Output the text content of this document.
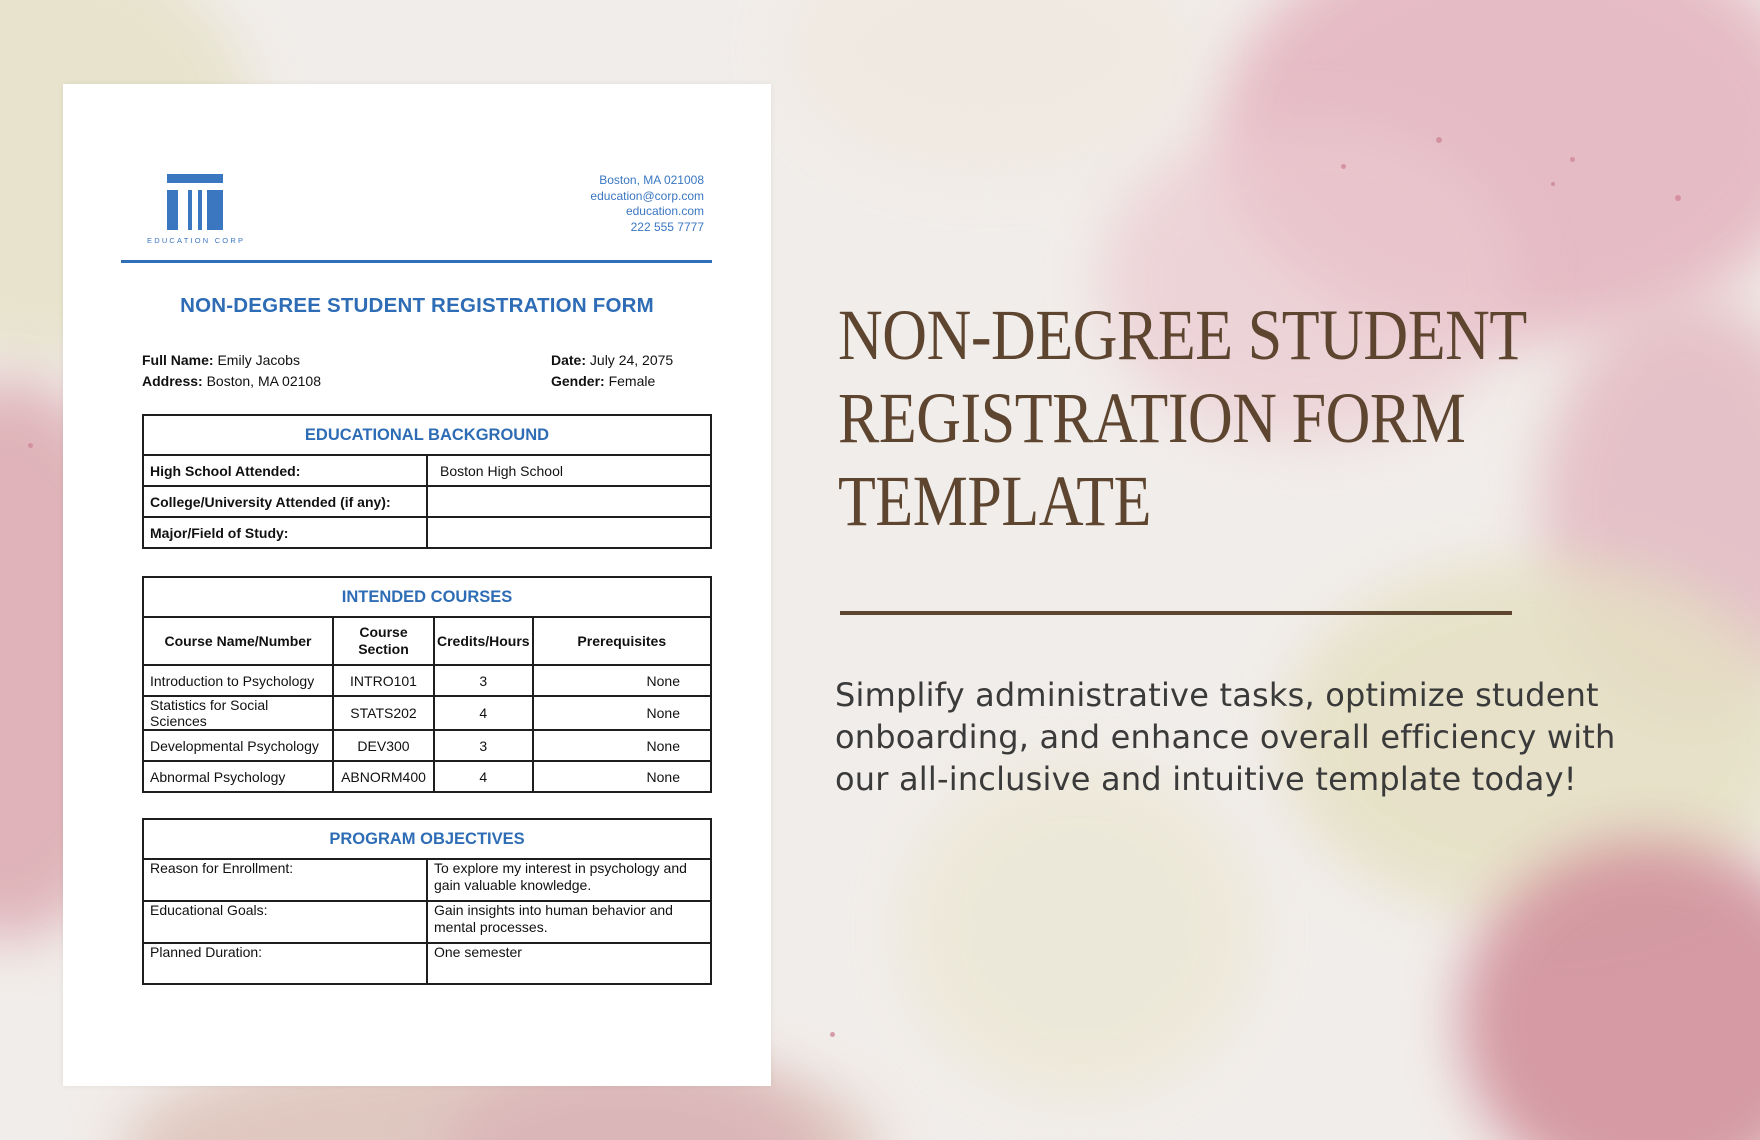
EDUCATION CORP
Boston, MA 021008
education@corp.com
education.com
222 555 7777
NON-DEGREE STUDENT REGISTRATION FORM
Full Name: Emily Jacobs
Address: Boston, MA 02108
Date: July 24, 2075
Gender: Female
EDUCATIONAL BACKGROUND	
High School Attended:	Boston High School
College/University Attended (if any):	
Major/Field of Study:	
INTENDED COURSES			
Course Name/Number	Course Section	Credits/Hours	Prerequisites
Introduction to Psychology	INTRO101	3	None
Statistics for Social Sciences	STATS202	4	None
Developmental Psychology	DEV300	3	None
Abnormal Psychology	ABNORM400	4	None
PROGRAM OBJECTIVES	
Reason for Enrollment:	To explore my interest in psychology and gain valuable knowledge.
Educational Goals:	Gain insights into human behavior and mental processes.
Planned Duration:	One semester
NON-DEGREE STUDENT
REGISTRATION FORM
TEMPLATE
Simplify administrative tasks, optimize student onboarding, and enhance overall efficiency with our all-inclusive and intuitive template today!
